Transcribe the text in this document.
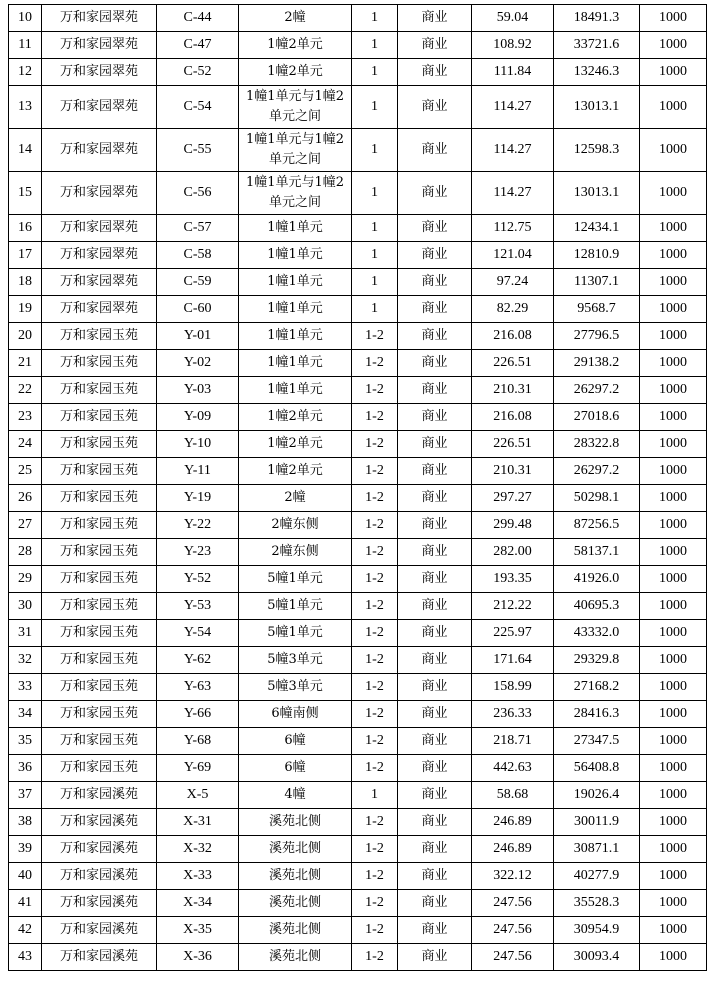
10	万和家园翠苑	C-44	2幢	1	商业	59.04	18491.3	1000
11	万和家园翠苑	C-47	1幢2单元	1	商业	108.92	33721.6	1000
12	万和家园翠苑	C-52	1幢2单元	1	商业	111.84	13246.3	1000
13	万和家园翠苑	C-54	1幢1单元与1幢2单元之间	1	商业	114.27	13013.1	1000
14	万和家园翠苑	C-55	1幢1单元与1幢2单元之间	1	商业	114.27	12598.3	1000
15	万和家园翠苑	C-56	1幢1单元与1幢2单元之间	1	商业	114.27	13013.1	1000
16	万和家园翠苑	C-57	1幢1单元	1	商业	112.75	12434.1	1000
17	万和家园翠苑	C-58	1幢1单元	1	商业	121.04	12810.9	1000
18	万和家园翠苑	C-59	1幢1单元	1	商业	97.24	11307.1	1000
19	万和家园翠苑	C-60	1幢1单元	1	商业	82.29	9568.7	1000
20	万和家园玉苑	Y-01	1幢1单元	1-2	商业	216.08	27796.5	1000
21	万和家园玉苑	Y-02	1幢1单元	1-2	商业	226.51	29138.2	1000
22	万和家园玉苑	Y-03	1幢1单元	1-2	商业	210.31	26297.2	1000
23	万和家园玉苑	Y-09	1幢2单元	1-2	商业	216.08	27018.6	1000
24	万和家园玉苑	Y-10	1幢2单元	1-2	商业	226.51	28322.8	1000
25	万和家园玉苑	Y-11	1幢2单元	1-2	商业	210.31	26297.2	1000
26	万和家园玉苑	Y-19	2幢	1-2	商业	297.27	50298.1	1000
27	万和家园玉苑	Y-22	2幢东侧	1-2	商业	299.48	87256.5	1000
28	万和家园玉苑	Y-23	2幢东侧	1-2	商业	282.00	58137.1	1000
29	万和家园玉苑	Y-52	5幢1单元	1-2	商业	193.35	41926.0	1000
30	万和家园玉苑	Y-53	5幢1单元	1-2	商业	212.22	40695.3	1000
31	万和家园玉苑	Y-54	5幢1单元	1-2	商业	225.97	43332.0	1000
32	万和家园玉苑	Y-62	5幢3单元	1-2	商业	171.64	29329.8	1000
33	万和家园玉苑	Y-63	5幢3单元	1-2	商业	158.99	27168.2	1000
34	万和家园玉苑	Y-66	6幢南侧	1-2	商业	236.33	28416.3	1000
35	万和家园玉苑	Y-68	6幢	1-2	商业	218.71	27347.5	1000
36	万和家园玉苑	Y-69	6幢	1-2	商业	442.63	56408.8	1000
37	万和家园溪苑	X-5	4幢	1	商业	58.68	19026.4	1000
38	万和家园溪苑	X-31	溪苑北侧	1-2	商业	246.89	30011.9	1000
39	万和家园溪苑	X-32	溪苑北侧	1-2	商业	246.89	30871.1	1000
40	万和家园溪苑	X-33	溪苑北侧	1-2	商业	322.12	40277.9	1000
41	万和家园溪苑	X-34	溪苑北侧	1-2	商业	247.56	35528.3	1000
42	万和家园溪苑	X-35	溪苑北侧	1-2	商业	247.56	30954.9	1000
43	万和家园溪苑	X-36	溪苑北侧	1-2	商业	247.56	30093.4	1000
